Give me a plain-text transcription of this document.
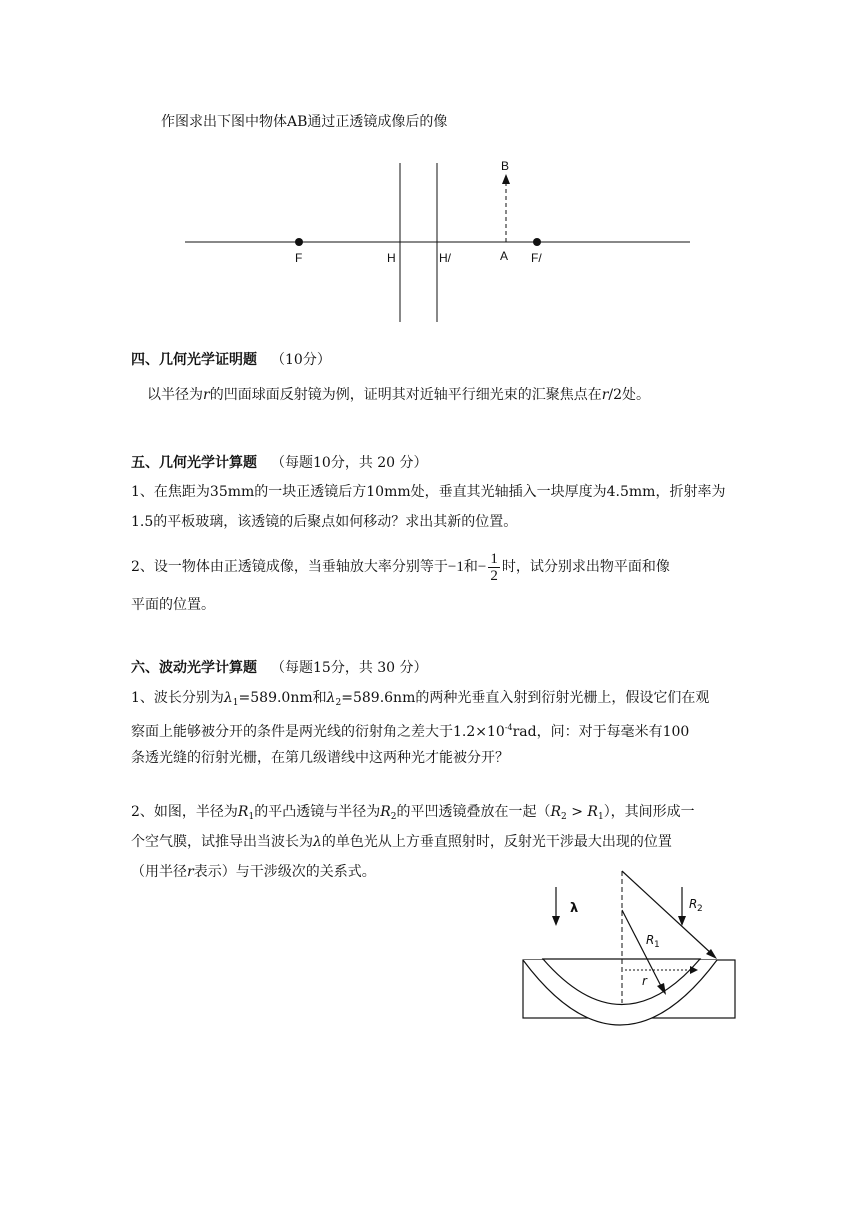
作图求出下图中物体AB通过正透镜成像后的像
B
F	H	H/	A F/
λ	R 2
R 1
r
四、几何光学证明题 （10分）
以半径为r的凹面球面反射镜为例，证明其对近轴平行细光束的汇聚焦点在r/2处。
五、几何光学计算题 （每题10分，共 20 分）
1、在焦距为35mm的一块正透镜后方10mm处，垂直其光轴插入一块厚度为4.5mm，折射率为1.5的平板玻璃，该透镜的后聚点如何移动？求出其新的位置。
2、设一物体由正透镜成像，当垂轴放大率分别等于−1和− $\frac{1}{2}$ 时，试分别求出物平面和像
平面的位置。
六、波动光学计算题 （每题15分，共 30 分）
1、波长分别为$\lambda_1=589.0nm$和$\lambda_2=589.6nm$的两种光垂直入射到衍射光栅上，假设它们在观
察面上能够被分开的条件是两光线的衍射角之差大于$1.2\times 10^{-4}rad$，问：对于每毫米有100
条透光缝的衍射光栅，在第几级谱线中这两种光才能被分开？
2、如图，半径为$R_1$的平凸透镜与半径为$R_2$的平凹透镜叠放在一起$(R_2 > R_1)$，其间形成一
个空气膜，试推导出当波长为λ的单色光从上方垂直照射时，反射光干涉最大出现的位置
（用半径r表示）与干涉级次的关系式。
